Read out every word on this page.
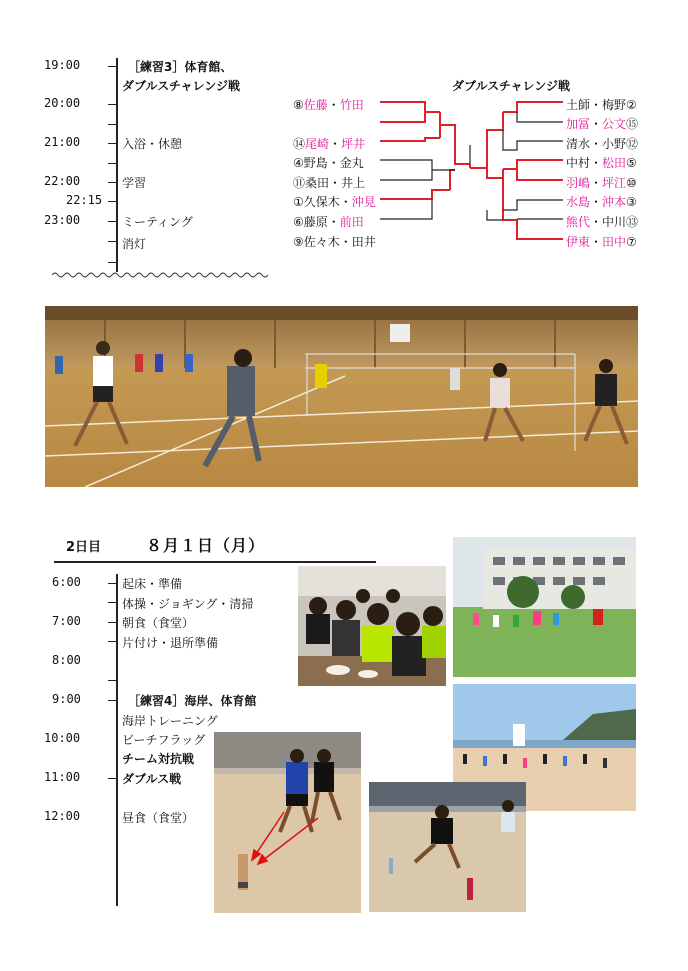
19:00
20:00
21:00
22:00
22:15
23:00
［練習3］体育館、
ダブルスチャレンジ戦
入浴・休憩
学習
ミーティング
消灯
ダブルスチャレンジ戦
⑧佐藤・竹田
⑭尾崎・坪井
④野島・金丸
⑪桑田・井上
①久保木・沖見
⑥藤原・前田
⑨佐々木・田井
土師・梅野②
加冨・公文⑮
清水・小野⑫
中村・松田⑤
羽嶋・坪江⑩
水島・沖本③
熊代・中川⑬
伊東・田中⑦
2日目	８月１日（月）
6:00
7:00
8:00
9:00
10:00
11:00
12:00
起床・準備
体操・ジョギング・清掃
朝食（食堂）
片付け・退所準備
［練習4］海岸、体育館
海岸トレーニング
ビーチフラッグ
チーム対抗戦
ダブルス戦
昼食（食堂）
